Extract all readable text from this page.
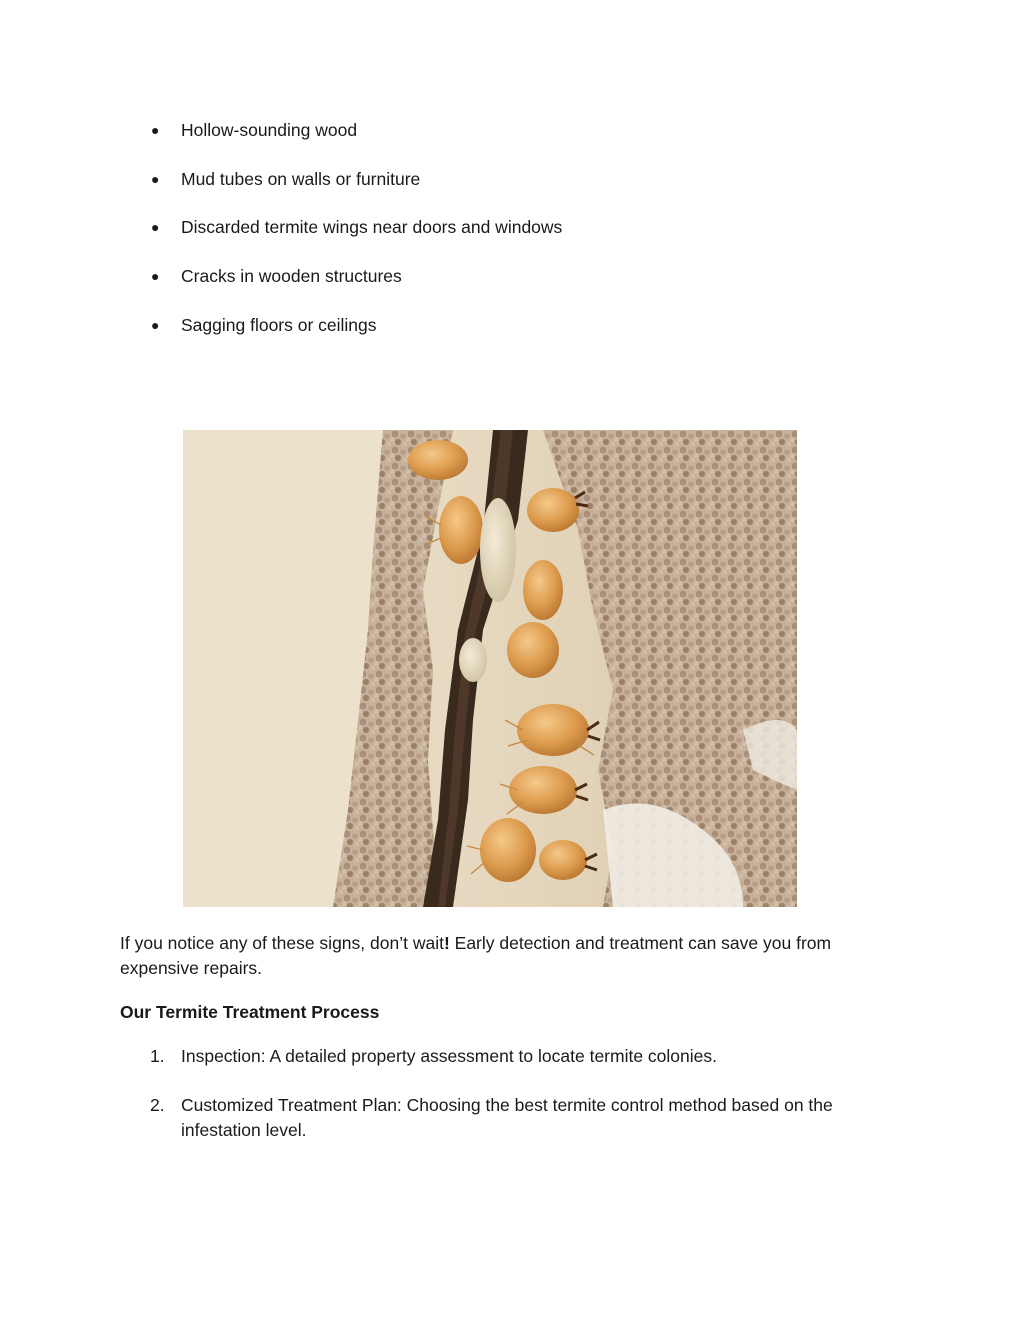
● Hollow-sounding wood
● Mud tubes on walls or furniture
● Discarded termite wings near doors and windows
● Cracks in wooden structures
● Sagging floors or ceilings

If you notice any of these signs, don’t wait! Early detection and treatment can save you from expensive repairs.

Our Termite Treatment Process
1. Inspection: A detailed property assessment to locate termite colonies.
2. Customized Treatment Plan: Choosing the best termite control method based on the infestation level.
